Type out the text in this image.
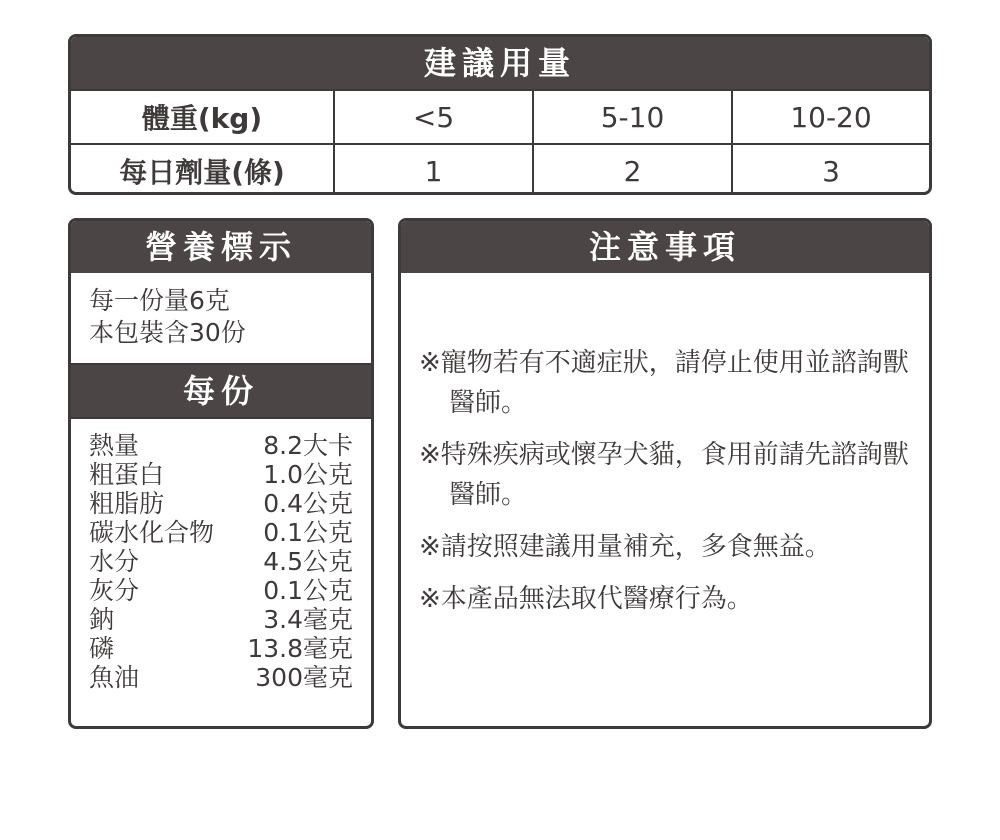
建議用量
體重(kg)	<5	5-10	10-20
每日劑量(條)	1	2	3
營養標示
每一份量6克
本包裝含30份
每份
熱量	8.2大卡
粗蛋白	1.0公克
粗脂肪	0.4公克
碳水化合物 0.1公克
水分	4.5公克
灰分	0.1公克
鈉	3.4毫克
磷	13.8毫克
魚油	300毫克
注意事項
※寵物若有不適症狀，請停止使用並諮詢獸醫師。
※特殊疾病或懷孕犬貓，食用前請先諮詢獸醫師。
※請按照建議用量補充，多食無益。
※本產品無法取代醫療行為。
